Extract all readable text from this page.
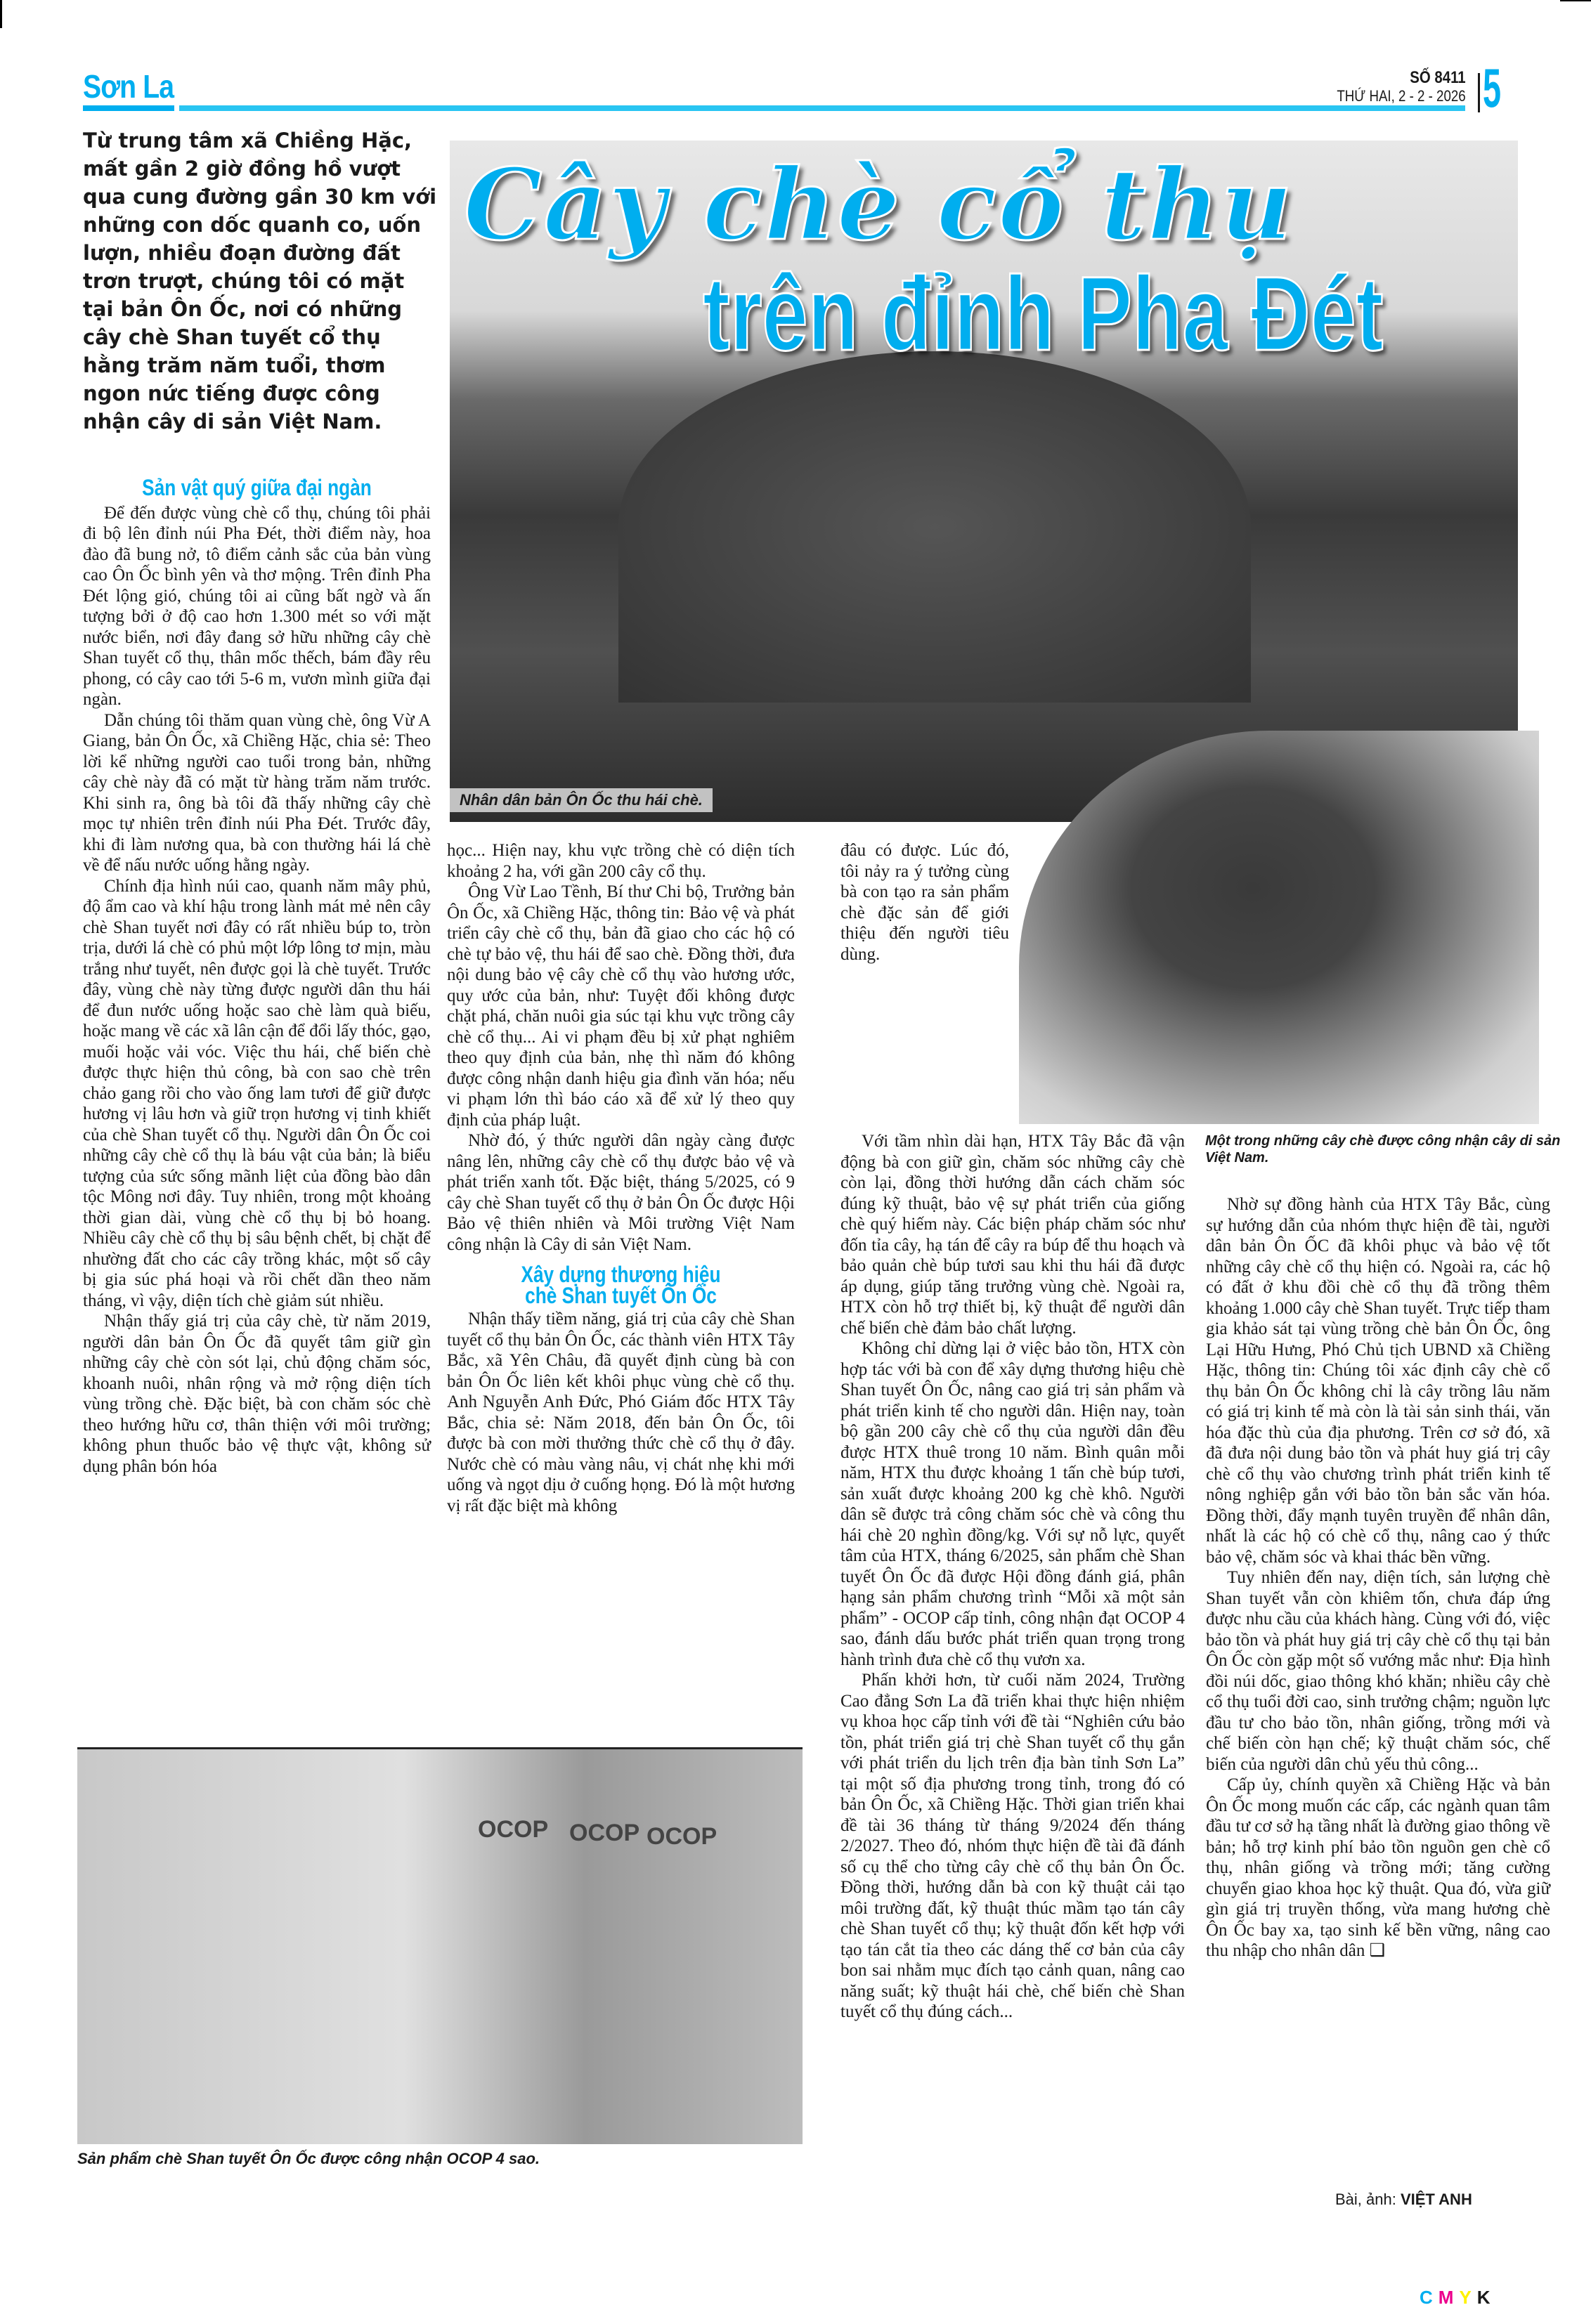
Sơn La	SỐ 8411
THỨ HAI, 2 - 2 - 2026 5
Từ trung tâm xã Chiềng Hặc, mất gần 2 giờ đồng hồ vượt qua cung đường gần 30 km với những con dốc quanh co, uốn lượn, nhiều đoạn đường đất trơn trượt, chúng tôi có mặt tại bản Ôn Ốc, nơi có những cây chè Shan tuyết cổ thụ hằng trăm năm tuổi, thơm ngon nức tiếng được công nhận cây di sản Việt Nam.
Cây chè cổ thụ
trên đỉnh Pha Đét
Nhân dân bản Ôn Ốc thu hái chè.
Sản vật quý giữa đại ngàn

Để đến được vùng chè cổ thụ, chúng tôi phải đi bộ lên đỉnh núi Pha Đét, thời điểm này, hoa đào đã bung nở, tô điểm cảnh sắc của bản vùng cao Ôn Ốc bình yên và thơ mộng. Trên đỉnh Pha Đét lộng gió, chúng tôi ai cũng bất ngờ và ấn tượng bởi ở độ cao hơn 1.300 mét so với mặt nước biển, nơi đây đang sở hữu những cây chè Shan tuyết cổ thụ, thân mốc thếch, bám đầy rêu phong, có cây cao tới 5-6 m, vươn mình giữa đại ngàn.

Dẫn chúng tôi thăm quan vùng chè, ông Vừ A Giang, bản Ôn Ốc, xã Chiềng Hặc, chia sẻ: Theo lời kể những người cao tuổi trong bản, những cây chè này đã có mặt từ hàng trăm năm trước. Khi sinh ra, ông bà tôi đã thấy những cây chè mọc tự nhiên trên đỉnh núi Pha Đét. Trước đây, khi đi làm nương qua, bà con thường hái lá chè về để nấu nước uống hằng ngày.

Chính địa hình núi cao, quanh năm mây phủ, độ ẩm cao và khí hậu trong lành mát mẻ nên cây chè Shan tuyết nơi đây có rất nhiều búp to, tròn trịa, dưới lá chè có phủ một lớp lông tơ mịn, màu trắng như tuyết, nên được gọi là chè tuyết. Trước đây, vùng chè này từng được người dân thu hái để đun nước uống hoặc sao chè làm quà biếu, hoặc mang về các xã lân cận để đổi lấy thóc, gạo, muối hoặc vải vóc. Việc thu hái, chế biến chè được thực hiện thủ công, bà con sao chè trên chảo gang rồi cho vào ống lam tươi để giữ được hương vị lâu hơn và giữ trọn hương vị tinh khiết của chè Shan tuyết cổ thụ. Người dân Ôn Ốc coi những cây chè cổ thụ là báu vật của bản; là biểu tượng của sức sống mãnh liệt của đồng bào dân tộc Mông nơi đây. Tuy nhiên, trong một khoảng thời gian dài, vùng chè cổ thụ bị bỏ hoang. Nhiều cây chè cổ thụ bị sâu bệnh chết, bị chặt để nhường đất cho các cây trồng khác, một số cây bị gia súc phá hoại và rồi chết dần theo năm tháng, vì vậy, diện tích chè giảm sút nhiều.

Nhận thấy giá trị của cây chè, từ năm 2019, người dân bản Ôn Ốc đã quyết tâm giữ gìn những cây chè còn sót lại, chủ động chăm sóc, khoanh nuôi, nhân rộng và mở rộng diện tích vùng trồng chè. Đặc biệt, bà con chăm sóc chè theo hướng hữu cơ, thân thiện với môi trường; không phun thuốc bảo vệ thực vật, không sử dụng phân bón hóa

học... Hiện nay, khu vực trồng chè có diện tích khoảng 2 ha, với gần 200 cây cổ thụ.

Ông Vừ Lao Tềnh, Bí thư Chi bộ, Trưởng bản Ôn Ốc, xã Chiềng Hặc, thông tin: Bảo vệ và phát triển cây chè cổ thụ, bản đã giao cho các hộ có chè tự bảo vệ, thu hái để sao chè. Đồng thời, đưa nội dung bảo vệ cây chè cổ thụ vào hương ước, quy ước của bản, như: Tuyệt đối không được chặt phá, chăn nuôi gia súc tại khu vực trồng cây chè cổ thụ... Ai vi phạm đều bị xử phạt nghiêm theo quy định của bản, nhẹ thì năm đó không được công nhận danh hiệu gia đình văn hóa; nếu vi phạm lớn thì báo cáo xã để xử lý theo quy định của pháp luật.

Nhờ đó, ý thức người dân ngày càng được nâng lên, những cây chè cổ thụ được bảo vệ và phát triển xanh tốt. Đặc biệt, tháng 5/2025, có 9 cây chè Shan tuyết cổ thụ ở bản Ôn Ốc được Hội Bảo vệ thiên nhiên và Môi trường Việt Nam công nhận là Cây di sản Việt Nam.

Xây dựng thương hiệu
chè Shan tuyết Ôn Ốc

Nhận thấy tiềm năng, giá trị của cây chè Shan tuyết cổ thụ bản Ôn Ốc, các thành viên HTX Tây Bắc, xã Yên Châu, đã quyết định cùng bà con bản Ôn Ốc liên kết khôi phục vùng chè cổ thụ. Anh Nguyễn Anh Đức, Phó Giám đốc HTX Tây Bắc, chia sẻ: Năm 2018, đến bản Ôn Ốc, tôi được bà con mời thưởng thức chè cổ thụ ở đây. Nước chè có màu vàng nâu, vị chát nhẹ khi mới uống và ngọt dịu ở cuống họng. Đó là một hương vị rất đặc biệt mà không

Một trong những cây chè được công nhận cây di sản Việt Nam.

đâu có được. Lúc đó, tôi nảy ra ý tưởng cùng bà con tạo ra sản phẩm chè đặc sản để giới thiệu đến người tiêu dùng.

Với tầm nhìn dài hạn, HTX Tây Bắc đã vận động bà con giữ gìn, chăm sóc những cây chè còn lại, đồng thời hướng dẫn cách chăm sóc đúng kỹ thuật, bảo vệ sự phát triển của giống chè quý hiếm này. Các biện pháp chăm sóc như đốn tỉa cây, hạ tán để cây ra búp để thu hoạch và bảo quản chè búp tươi sau khi thu hái đã được áp dụng, giúp tăng trưởng vùng chè. Ngoài ra, HTX còn hỗ trợ thiết bị, kỹ thuật để người dân chế biến chè đảm bảo chất lượng.

Không chỉ dừng lại ở việc bảo tồn, HTX còn hợp tác với bà con để xây dựng thương hiệu chè Shan tuyết Ôn Ốc, nâng cao giá trị sản phẩm và phát triển kinh tế cho người dân. Hiện nay, toàn bộ gần 200 cây chè cổ thụ của người dân đều được HTX thuê trong 10 năm. Bình quân mỗi năm, HTX thu được khoảng 1 tấn chè búp tươi, sản xuất được khoảng 200 kg chè khô. Người dân sẽ được trả công chăm sóc chè và công thu hái chè 20 nghìn đồng/kg. Với sự nỗ lực, quyết tâm của HTX, tháng 6/2025, sản phẩm chè Shan tuyết Ôn Ốc đã được Hội đồng đánh giá, phân hạng sản phẩm chương trình “Mỗi xã một sản phẩm” - OCOP cấp tỉnh, công nhận đạt OCOP 4 sao, đánh dấu bước phát triển quan trọng trong hành trình đưa chè cổ thụ vươn xa.

Phấn khởi hơn, từ cuối năm 2024, Trường Cao đẳng Sơn La đã triển khai thực hiện nhiệm vụ khoa học cấp tỉnh với đề tài “Nghiên cứu bảo tồn, phát triển giá trị chè Shan tuyết cổ thụ gắn với phát triển du lịch trên địa bàn tỉnh Sơn La” tại một số địa phương trong tỉnh, trong đó có bản Ôn Ốc, xã Chiềng Hặc. Thời gian triển khai đề tài 36 tháng từ tháng 9/2024 đến tháng 2/2027. Theo đó, nhóm thực hiện đề tài đã đánh số cụ thể cho từng cây chè cổ thụ bản Ôn Ốc. Đồng thời, hướng dẫn bà con kỹ thuật cải tạo môi trường đất, kỹ thuật thúc mầm tạo tán cây chè Shan tuyết cổ thụ; kỹ thuật đốn kết hợp với tạo tán cắt tỉa theo các dáng thế cơ bản của cây bon sai nhằm mục đích tạo cảnh quan, nâng cao năng suất; kỹ thuật hái chè, chế biến chè Shan tuyết cổ thụ đúng cách...

Nhờ sự đồng hành của HTX Tây Bắc, cùng sự hướng dẫn của nhóm thực hiện đề tài, người dân bản Ôn ỐC đã khôi phục và bảo vệ tốt những cây chè cổ thụ hiện có. Ngoài ra, các hộ có đất ở khu đồi chè cổ thụ đã trồng thêm khoảng 1.000 cây chè Shan tuyết. Trực tiếp tham gia khảo sát tại vùng trồng chè bản Ôn Ốc, ông Lại Hữu Hưng, Phó Chủ tịch UBND xã Chiềng Hặc, thông tin: Chúng tôi xác định cây chè cổ thụ bản Ôn Ốc không chỉ là cây trồng lâu năm có giá trị kinh tế mà còn là tài sản sinh thái, văn hóa đặc thù của địa phương. Trên cơ sở đó, xã đã đưa nội dung bảo tồn và phát huy giá trị cây chè cổ thụ vào chương trình phát triển kinh tế nông nghiệp gắn với bảo tồn bản sắc văn hóa. Đồng thời, đẩy mạnh tuyên truyền để nhân dân, nhất là các hộ có chè cổ thụ, nâng cao ý thức bảo vệ, chăm sóc và khai thác bền vững.

Tuy nhiên đến nay, diện tích, sản lượng chè Shan tuyết vẫn còn khiêm tốn, chưa đáp ứng được nhu cầu của khách hàng. Cùng với đó, việc bảo tồn và phát huy giá trị cây chè cổ thụ tại bản Ôn Ốc còn gặp một số vướng mắc như: Địa hình đồi núi dốc, giao thông khó khăn; nhiều cây chè cổ thụ tuổi đời cao, sinh trưởng chậm; nguồn lực đầu tư cho bảo tồn, nhân giống, trồng mới và chế biến còn hạn chế; kỹ thuật chăm sóc, chế biến của người dân chủ yếu thủ công...

Cấp ủy, chính quyền xã Chiềng Hặc và bản Ôn Ốc mong muốn các cấp, các ngành quan tâm đầu tư cơ sở hạ tầng nhất là đường giao thông về bản; hỗ trợ kinh phí bảo tồn nguồn gen chè cổ thụ, nhân giống và trồng mới; tăng cường chuyển giao khoa học kỹ thuật. Qua đó, vừa giữ gìn giá trị truyền thống, vừa mang hương chè Ôn Ốc bay xa, tạo sinh kế bền vững, nâng cao thu nhập cho nhân dân ❑

OCOP OCOP OCOP
Sản phẩm chè Shan tuyết Ôn Ốc được công nhận OCOP 4 sao.
Bài, ảnh: VIỆT ANH
CMYK
